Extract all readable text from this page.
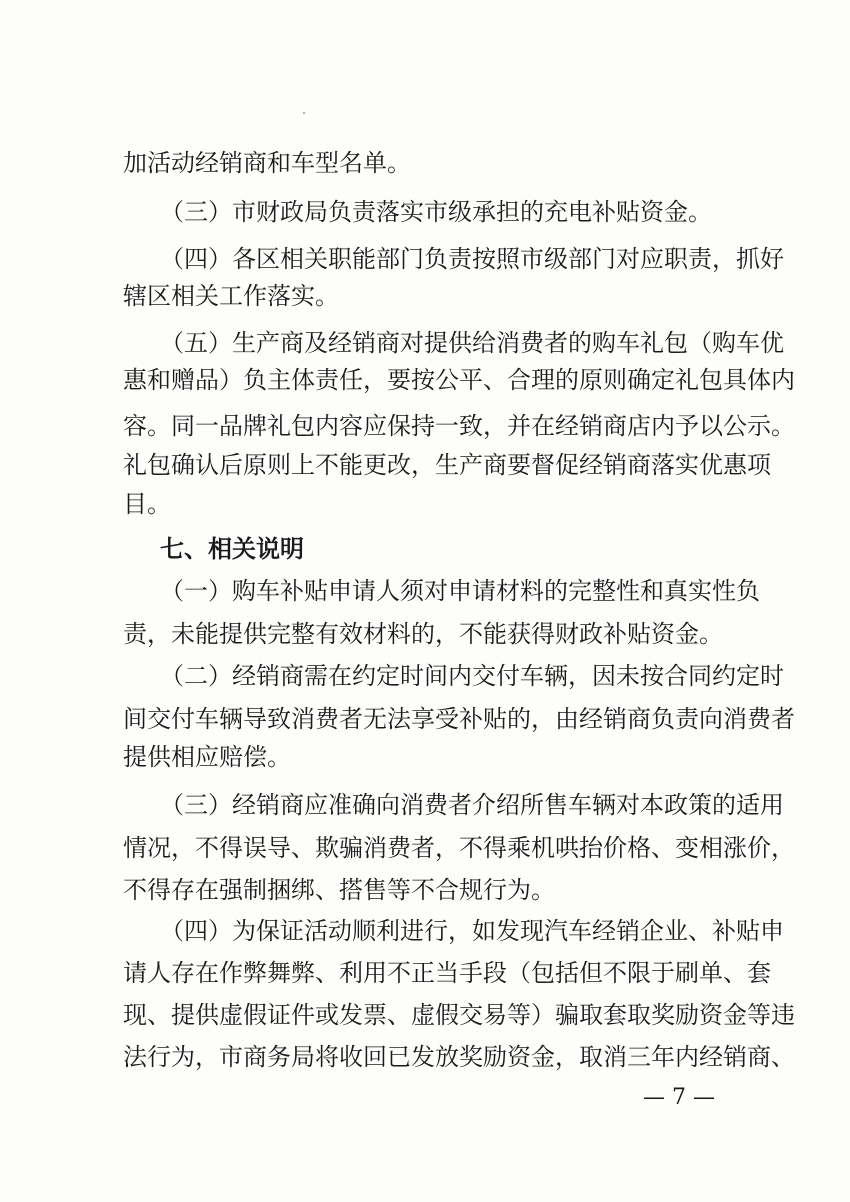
加活动经销商和车型名单。
（三）市财政局负责落实市级承担的充电补贴资金。
（四）各区相关职能部门负责按照市级部门对应职责，抓好
辖区相关工作落实。
（五）生产商及经销商对提供给消费者的购车礼包（购车优
惠和赠品）负主体责任，要按公平、合理的原则确定礼包具体内
容。同一品牌礼包内容应保持一致，并在经销商店内予以公示。
礼包确认后原则上不能更改，生产商要督促经销商落实优惠项
目。
七、相关说明
（一）购车补贴申请人须对申请材料的完整性和真实性负
责，未能提供完整有效材料的，不能获得财政补贴资金。
（二）经销商需在约定时间内交付车辆，因未按合同约定时
间交付车辆导致消费者无法享受补贴的，由经销商负责向消费者
提供相应赔偿。
（三）经销商应准确向消费者介绍所售车辆对本政策的适用
情况，不得误导、欺骗消费者，不得乘机哄抬价格、变相涨价，
不得存在强制捆绑、搭售等不合规行为。
（四）为保证活动顺利进行，如发现汽车经销企业、补贴申
请人存在作弊舞弊、利用不正当手段（包括但不限于刷单、套
现、提供虚假证件或发票、虚假交易等）骗取套取奖励资金等违
法行为，市商务局将收回已发放奖励资金，取消三年内经销商、
— 7 —
